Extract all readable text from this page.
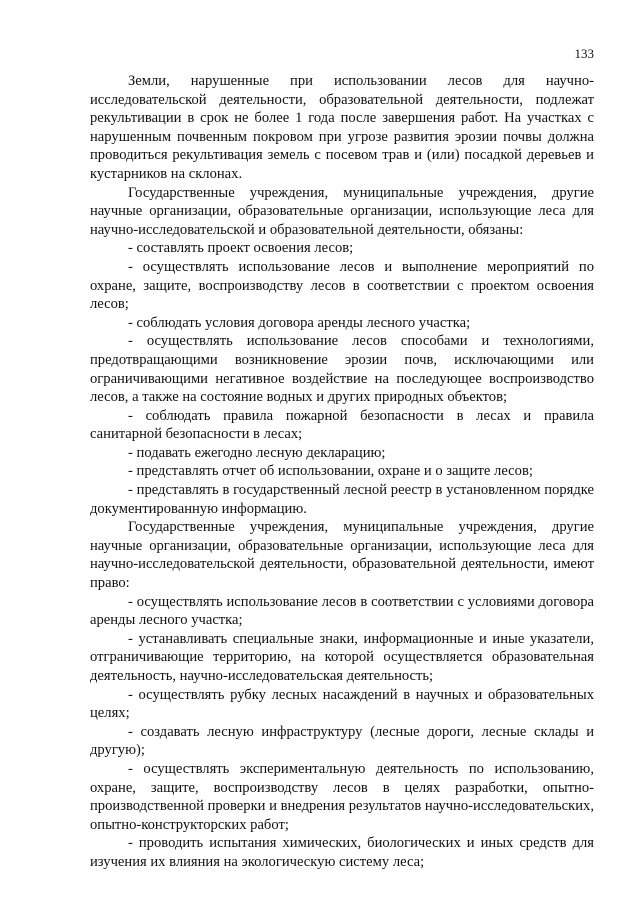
133

Земли, нарушенные при использовании лесов для научно-исследовательской деятельности, образовательной деятельности, подлежат рекультивации в срок не более 1 года после завершения работ. На участках с нарушенным почвенным покровом при угрозе развития эрозии почвы должна проводиться рекультивация земель с посевом трав и (или) посадкой деревьев и кустарников на склонах.

Государственные учреждения, муниципальные учреждения, другие научные организации, образовательные организации, использующие леса для научно-исследовательской и образовательной деятельности, обязаны:

- составлять проект освоения лесов;

- осуществлять использование лесов и выполнение мероприятий по охране, защите, воспроизводству лесов в соответствии с проектом освоения лесов;

- соблюдать условия договора аренды лесного участка;

- осуществлять использование лесов способами и технологиями, предотвращающими возникновение эрозии почв, исключающими или ограничивающими негативное воздействие на последующее воспроизводство лесов, а также на состояние водных и других природных объектов;

- соблюдать правила пожарной безопасности в лесах и правила санитарной безопасности в лесах;

- подавать ежегодно лесную декларацию;

- представлять отчет об использовании, охране и о защите лесов;

- представлять в государственный лесной реестр в установленном порядке документированную информацию.

Государственные учреждения, муниципальные учреждения, другие научные организации, образовательные организации, использующие леса для научно-исследовательской деятельности, образовательной деятельности, имеют право:

- осуществлять использование лесов в соответствии с условиями договора аренды лесного участка;

- устанавливать специальные знаки, информационные и иные указатели, отграничивающие территорию, на которой осуществляется образовательная деятельность, научно-исследовательская деятельность;

- осуществлять рубку лесных насаждений в научных и образовательных целях;

- создавать лесную инфраструктуру (лесные дороги, лесные склады и другую);

- осуществлять экспериментальную деятельность по использованию, охране, защите, воспроизводству лесов в целях разработки, опытно-производственной проверки и внедрения результатов научно-исследовательских, опытно-конструкторских работ;

- проводить испытания химических, биологических и иных средств для изучения их влияния на экологическую систему леса;
